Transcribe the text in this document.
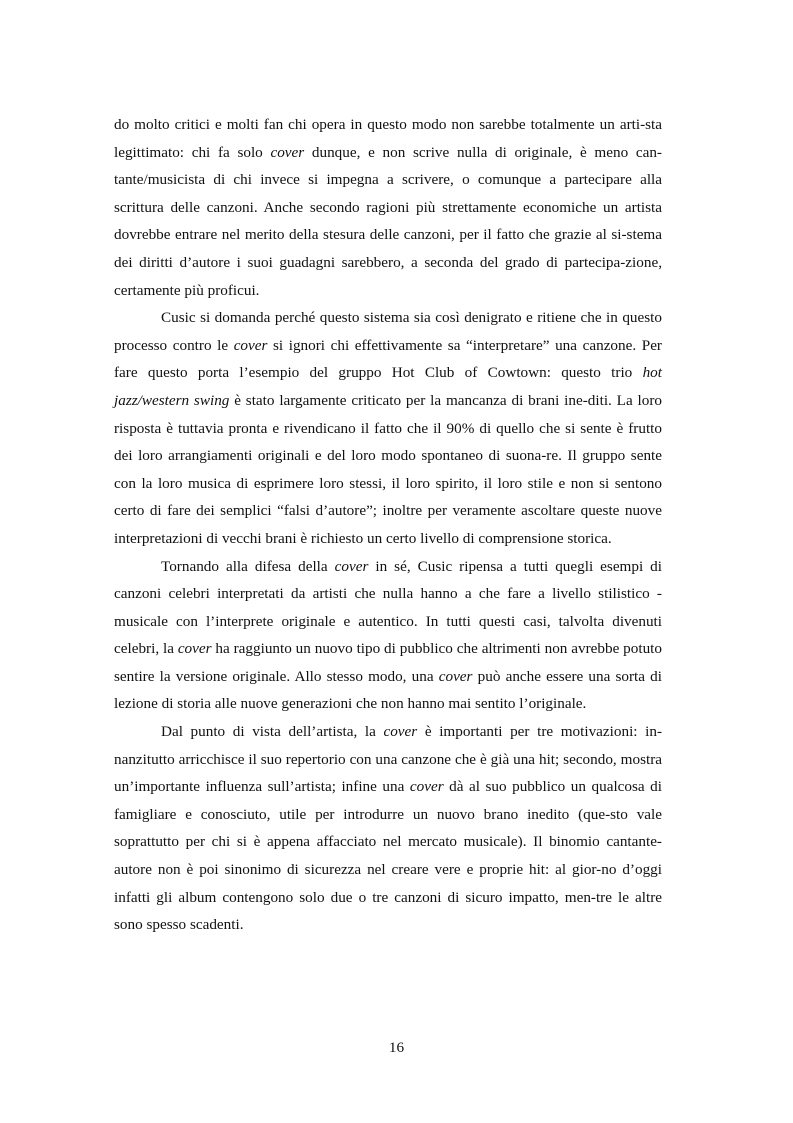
do molto critici e molti fan chi opera in questo modo non sarebbe totalmente un arti-sta legittimato: chi fa solo cover dunque, e non scrive nulla di originale, è meno can-tante/musicista di chi invece si impegna a scrivere, o comunque a partecipare alla scrittura delle canzoni. Anche secondo ragioni più strettamente economiche un artista dovrebbe entrare nel merito della stesura delle canzoni, per il fatto che grazie al si-stema dei diritti d’autore i suoi guadagni sarebbero, a seconda del grado di partecipa-zione, certamente più proficui.

Cusic si domanda perché questo sistema sia così denigrato e ritiene che in questo processo contro le cover si ignori chi effettivamente sa “interpretare” una canzone. Per fare questo porta l’esempio del gruppo Hot Club of Cowtown: questo trio hot jazz/western swing è stato largamente criticato per la mancanza di brani ine-diti. La loro risposta è tuttavia pronta e rivendicano il fatto che il 90% di quello che si sente è frutto dei loro arrangiamenti originali e del loro modo spontaneo di suona-re. Il gruppo sente con la loro musica di esprimere loro stessi, il loro spirito, il loro stile e non si sentono certo di fare dei semplici “falsi d’autore”; inoltre per veramente ascoltare queste nuove interpretazioni di vecchi brani è richiesto un certo livello di comprensione storica.

Tornando alla difesa della cover in sé, Cusic ripensa a tutti quegli esempi di canzoni celebri interpretati da artisti che nulla hanno a che fare a livello stilistico - musicale con l’interprete originale e autentico. In tutti questi casi, talvolta divenuti celebri, la cover ha raggiunto un nuovo tipo di pubblico che altrimenti non avrebbe potuto sentire la versione originale. Allo stesso modo, una cover può anche essere una sorta di lezione di storia alle nuove generazioni che non hanno mai sentito l’originale.

Dal punto di vista dell’artista, la cover è importanti per tre motivazioni: in-nanzitutto arricchisce il suo repertorio con una canzone che è già una hit; secondo, mostra un’importante influenza sull’artista; infine una cover dà al suo pubblico un qualcosa di famigliare e conosciuto, utile per introdurre un nuovo brano inedito (que-sto vale soprattutto per chi si è appena affacciato nel mercato musicale). Il binomio cantante-autore non è poi sinonimo di sicurezza nel creare vere e proprie hit: al gior-no d’oggi infatti gli album contengono solo due o tre canzoni di sicuro impatto, men-tre le altre sono spesso scadenti.

16
